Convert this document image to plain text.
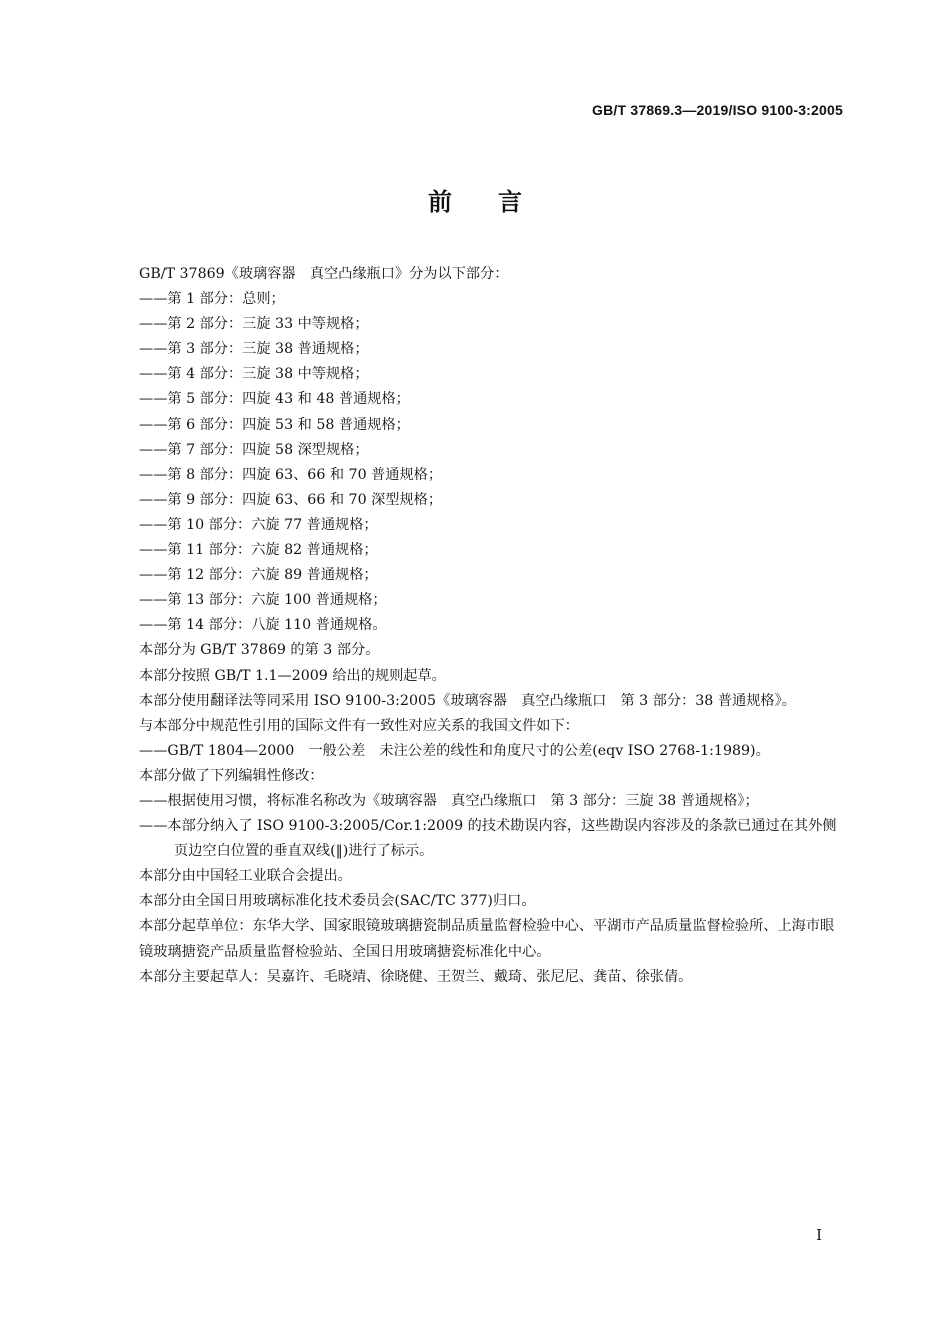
GB/T 37869.3—2019/ISO 9100-3:2005
前言

GB/T 37869《玻璃容器　真空凸缘瓶口》分为以下部分：

——第 1 部分：总则；

——第 2 部分：三旋 33 中等规格；

——第 3 部分：三旋 38 普通规格；

——第 4 部分：三旋 38 中等规格；

——第 5 部分：四旋 43 和 48 普通规格；

——第 6 部分：四旋 53 和 58 普通规格；

——第 7 部分：四旋 58 深型规格；

——第 8 部分：四旋 63、66 和 70 普通规格；

——第 9 部分：四旋 63、66 和 70 深型规格；

——第 10 部分：六旋 77 普通规格；

——第 11 部分：六旋 82 普通规格；

——第 12 部分：六旋 89 普通规格；

——第 13 部分：六旋 100 普通规格；

——第 14 部分：八旋 110 普通规格。

本部分为 GB/T 37869 的第 3 部分。

本部分按照 GB/T 1.1—2009 给出的规则起草。

本部分使用翻译法等同采用 ISO 9100-3:2005《玻璃容器　真空凸缘瓶口　第 3 部分：38 普通规格》。

与本部分中规范性引用的国际文件有一致性对应关系的我国文件如下：

——GB/T 1804—2000　一般公差　未注公差的线性和角度尺寸的公差(eqv ISO 2768-1:1989)。

本部分做了下列编辑性修改：

——根据使用习惯，将标准名称改为《玻璃容器　真空凸缘瓶口　第 3 部分：三旋 38 普通规格》；

——本部分纳入了 ISO 9100-3:2005/Cor.1:2009 的技术勘误内容，这些勘误内容涉及的条款已通过在其外侧页边空白位置的垂直双线(‖)进行了标示。

本部分由中国轻工业联合会提出。

本部分由全国日用玻璃标准化技术委员会(SAC/TC 377)归口。

本部分起草单位：东华大学、国家眼镜玻璃搪瓷制品质量监督检验中心、平湖市产品质量监督检验所、上海市眼镜玻璃搪瓷产品质量监督检验站、全国日用玻璃搪瓷标准化中心。

本部分主要起草人：吴嘉许、毛晓靖、徐晓健、王贺兰、戴琦、张尼尼、龚苗、徐张倩。

I
